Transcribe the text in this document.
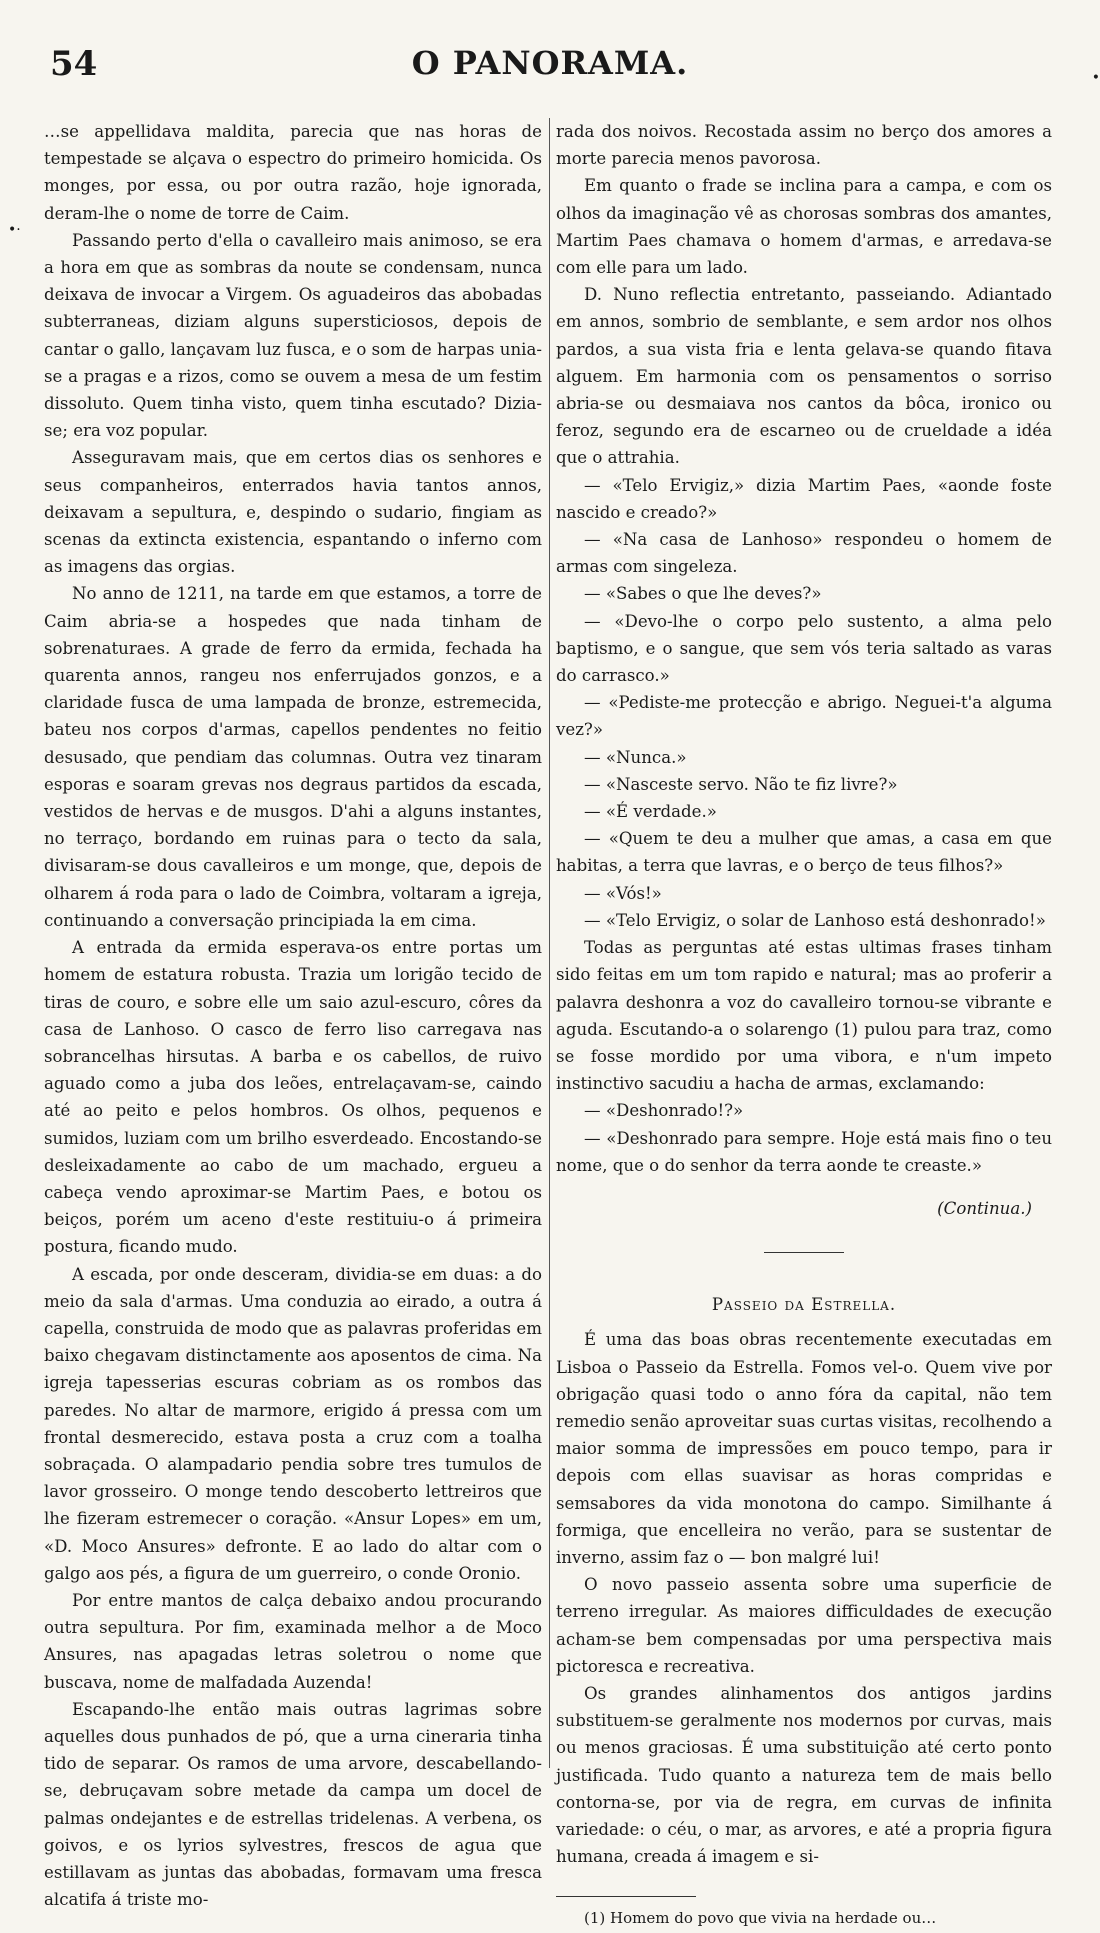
54	O PANORAMA.	•
•·

…se appellidava maldita, parecia que nas horas de tempestade se alçava o espectro do primeiro homicida. Os monges, por essa, ou por outra razão, hoje ignorada, deram-lhe o nome de torre de Caim.

Passando perto d'ella o cavalleiro mais animoso, se era a hora em que as sombras da noute se condensam, nunca deixava de invocar a Virgem. Os aguadeiros das abobadas subterraneas, diziam alguns supersticiosos, depois de cantar o gallo, lançavam luz fusca, e o som de harpas unia-se a pragas e a rizos, como se ouvem a mesa de um festim dissoluto. Quem tinha visto, quem tinha escutado? Dizia-se; era voz popular.

Asseguravam mais, que em certos dias os senhores e seus companheiros, enterrados havia tantos annos, deixavam a sepultura, e, despindo o sudario, fingiam as scenas da extincta existencia, espantando o inferno com as imagens das orgias.

No anno de 1211, na tarde em que estamos, a torre de Caim abria-se a hospedes que nada tinham de sobrenaturaes. A grade de ferro da ermida, fechada ha quarenta annos, rangeu nos enferrujados gonzos, e a claridade fusca de uma lampada de bronze, estremecida, bateu nos corpos d'armas, capellos pendentes no feitio desusado, que pendiam das columnas. Outra vez tinaram esporas e soaram grevas nos degraus partidos da escada, vestidos de hervas e de musgos. D'ahi a alguns instantes, no terraço, bordando em ruinas para o tecto da sala, divisaram-se dous cavalleiros e um monge, que, depois de olharem á roda para o lado de Coimbra, voltaram a igreja, continuando a conversação principiada la em cima.

A entrada da ermida esperava-os entre portas um homem de estatura robusta. Trazia um lorigão tecido de tiras de couro, e sobre elle um saio azul-escuro, côres da casa de Lanhoso. O casco de ferro liso carregava nas sobrancelhas hirsutas. A barba e os cabellos, de ruivo aguado como a juba dos leões, entrelaçavam-se, caindo até ao peito e pelos hombros. Os olhos, pequenos e sumidos, luziam com um brilho esverdeado. Encostando-se desleixadamente ao cabo de um machado, ergueu a cabeça vendo aproximar-se Martim Paes, e botou os beiços, porém um aceno d'este restituiu-o á primeira postura, ficando mudo.

A escada, por onde desceram, dividia-se em duas: a do meio da sala d'armas. Uma conduzia ao eirado, a outra á capella, construida de modo que as palavras proferidas em baixo chegavam distinctamente aos aposentos de cima. Na igreja tapesserias escuras cobriam as os rombos das paredes. No altar de marmore, erigido á pressa com um frontal desmerecido, estava posta a cruz com a toalha sobraçada. O alampadario pendia sobre tres tumulos de lavor grosseiro. O monge tendo descoberto lettreiros que lhe fizeram estremecer o coração. «Ansur Lopes» em um, «D. Moco Ansures» defronte. E ao lado do altar com o galgo aos pés, a figura de um guerreiro, o conde Oronio.

Por entre mantos de calça debaixo andou procurando outra sepultura. Por fim, examinada melhor a de Moco Ansures, nas apagadas letras soletrou o nome que buscava, nome de malfadada Auzenda!

Escapando-lhe então mais outras lagrimas sobre aquelles dous punhados de pó, que a urna cineraria tinha tido de separar. Os ramos de uma arvore, descabellando-se, debruçavam sobre metade da campa um docel de palmas ondejantes e de estrellas tridelenas. A verbena, os goivos, e os lyrios sylvestres, frescos de agua que estillavam as juntas das abobadas, formavam uma fresca alcatifa á triste mo-

rada dos noivos. Recostada assim no berço dos amores a morte parecia menos pavorosa.

Em quanto o frade se inclina para a campa, e com os olhos da imaginação vê as chorosas sombras dos amantes, Martim Paes chamava o homem d'armas, e arredava-se com elle para um lado.

D. Nuno reflectia entretanto, passeiando. Adiantado em annos, sombrio de semblante, e sem ardor nos olhos pardos, a sua vista fria e lenta gelava-se quando fitava alguem. Em harmonia com os pensamentos o sorriso abria-se ou desmaiava nos cantos da bôca, ironico ou feroz, segundo era de escarneo ou de crueldade a idéa que o attrahia.

— «Telo Ervigiz,» dizia Martim Paes, «aonde foste nascido e creado?»

— «Na casa de Lanhoso» respondeu o homem de armas com singeleza.

— «Sabes o que lhe deves?»

— «Devo-lhe o corpo pelo sustento, a alma pelo baptismo, e o sangue, que sem vós teria saltado as varas do carrasco.»

— «Pediste-me protecção e abrigo. Neguei-t'a alguma vez?»

— «Nunca.»

— «Nasceste servo. Não te fiz livre?»

— «É verdade.»

— «Quem te deu a mulher que amas, a casa em que habitas, a terra que lavras, e o berço de teus filhos?»

— «Vós!»

— «Telo Ervigiz, o solar de Lanhoso está deshonrado!»

Todas as perguntas até estas ultimas frases tinham sido feitas em um tom rapido e natural; mas ao proferir a palavra deshonra a voz do cavalleiro tornou-se vibrante e aguda. Escutando-a o solarengo (1) pulou para traz, como se fosse mordido por uma vibora, e n'um impeto instinctivo sacudiu a hacha de armas, exclamando:

— «Deshonrado!?»

— «Deshonrado para sempre. Hoje está mais fino o teu nome, que o do senhor da terra aonde te creaste.»

(Continua.)
Passeio da Estrella.

É uma das boas obras recentemente executadas em Lisboa o Passeio da Estrella. Fomos vel-o. Quem vive por obrigação quasi todo o anno fóra da capital, não tem remedio senão aproveitar suas curtas visitas, recolhendo a maior somma de impressões em pouco tempo, para ir depois com ellas suavisar as horas compridas e semsabores da vida monotona do campo. Similhante á formiga, que encelleira no verão, para se sustentar de inverno, assim faz o — bon malgré lui!

O novo passeio assenta sobre uma superficie de terreno irregular. As maiores difficuldades de execução acham-se bem compensadas por uma perspectiva mais pictoresca e recreativa.

Os grandes alinhamentos dos antigos jardins substituem-se geralmente nos modernos por curvas, mais ou menos graciosas. É uma substituição até certo ponto justificada. Tudo quanto a natureza tem de mais bello contorna-se, por via de regra, em curvas de infinita variedade: o céu, o mar, as arvores, e até a propria figura humana, creada á imagem e si-

(1) Homem do povo que vivia na herdade ou…
